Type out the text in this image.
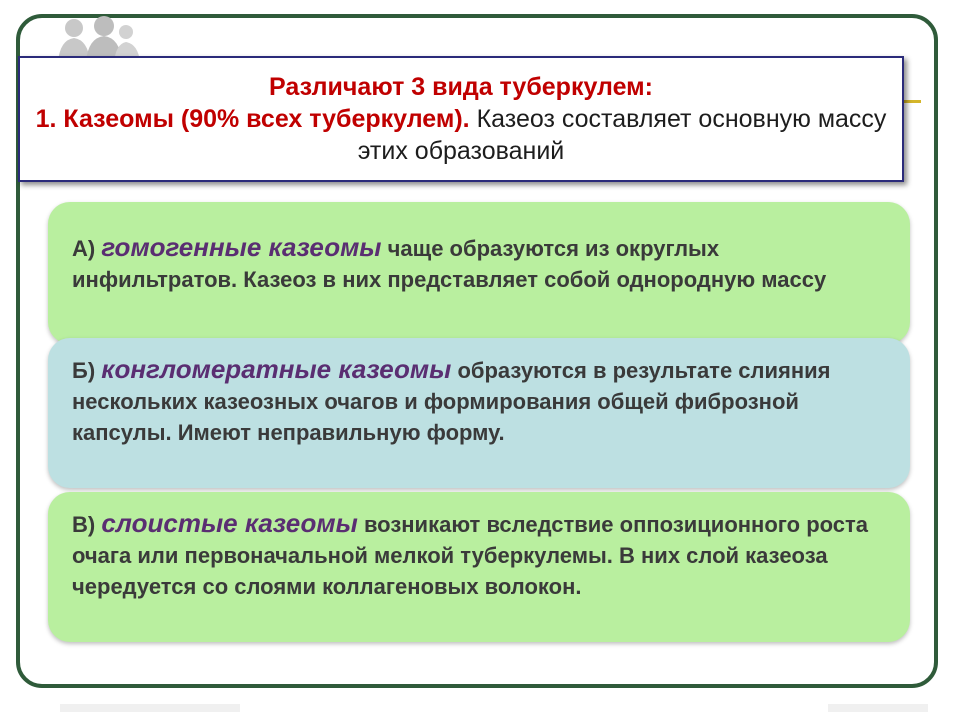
Различают 3 вида туберкулем:
1. Казеомы (90% всех туберкулем). Казеоз составляет основную массу этих образований
А) гомогенные казеомы чаще образуются из округлых инфильтратов. Казеоз в них представляет собой однородную массу
Б) конгломератные казеомы образуются в результате слияния нескольких казеозных очагов и формирования общей фиброзной капсулы. Имеют неправильную форму.
В) слоистые казеомы возникают вследствие оппозиционного роста очага или первоначальной мелкой туберкулемы. В них слой казеоза чередуется со слоями коллагеновых волокон.
